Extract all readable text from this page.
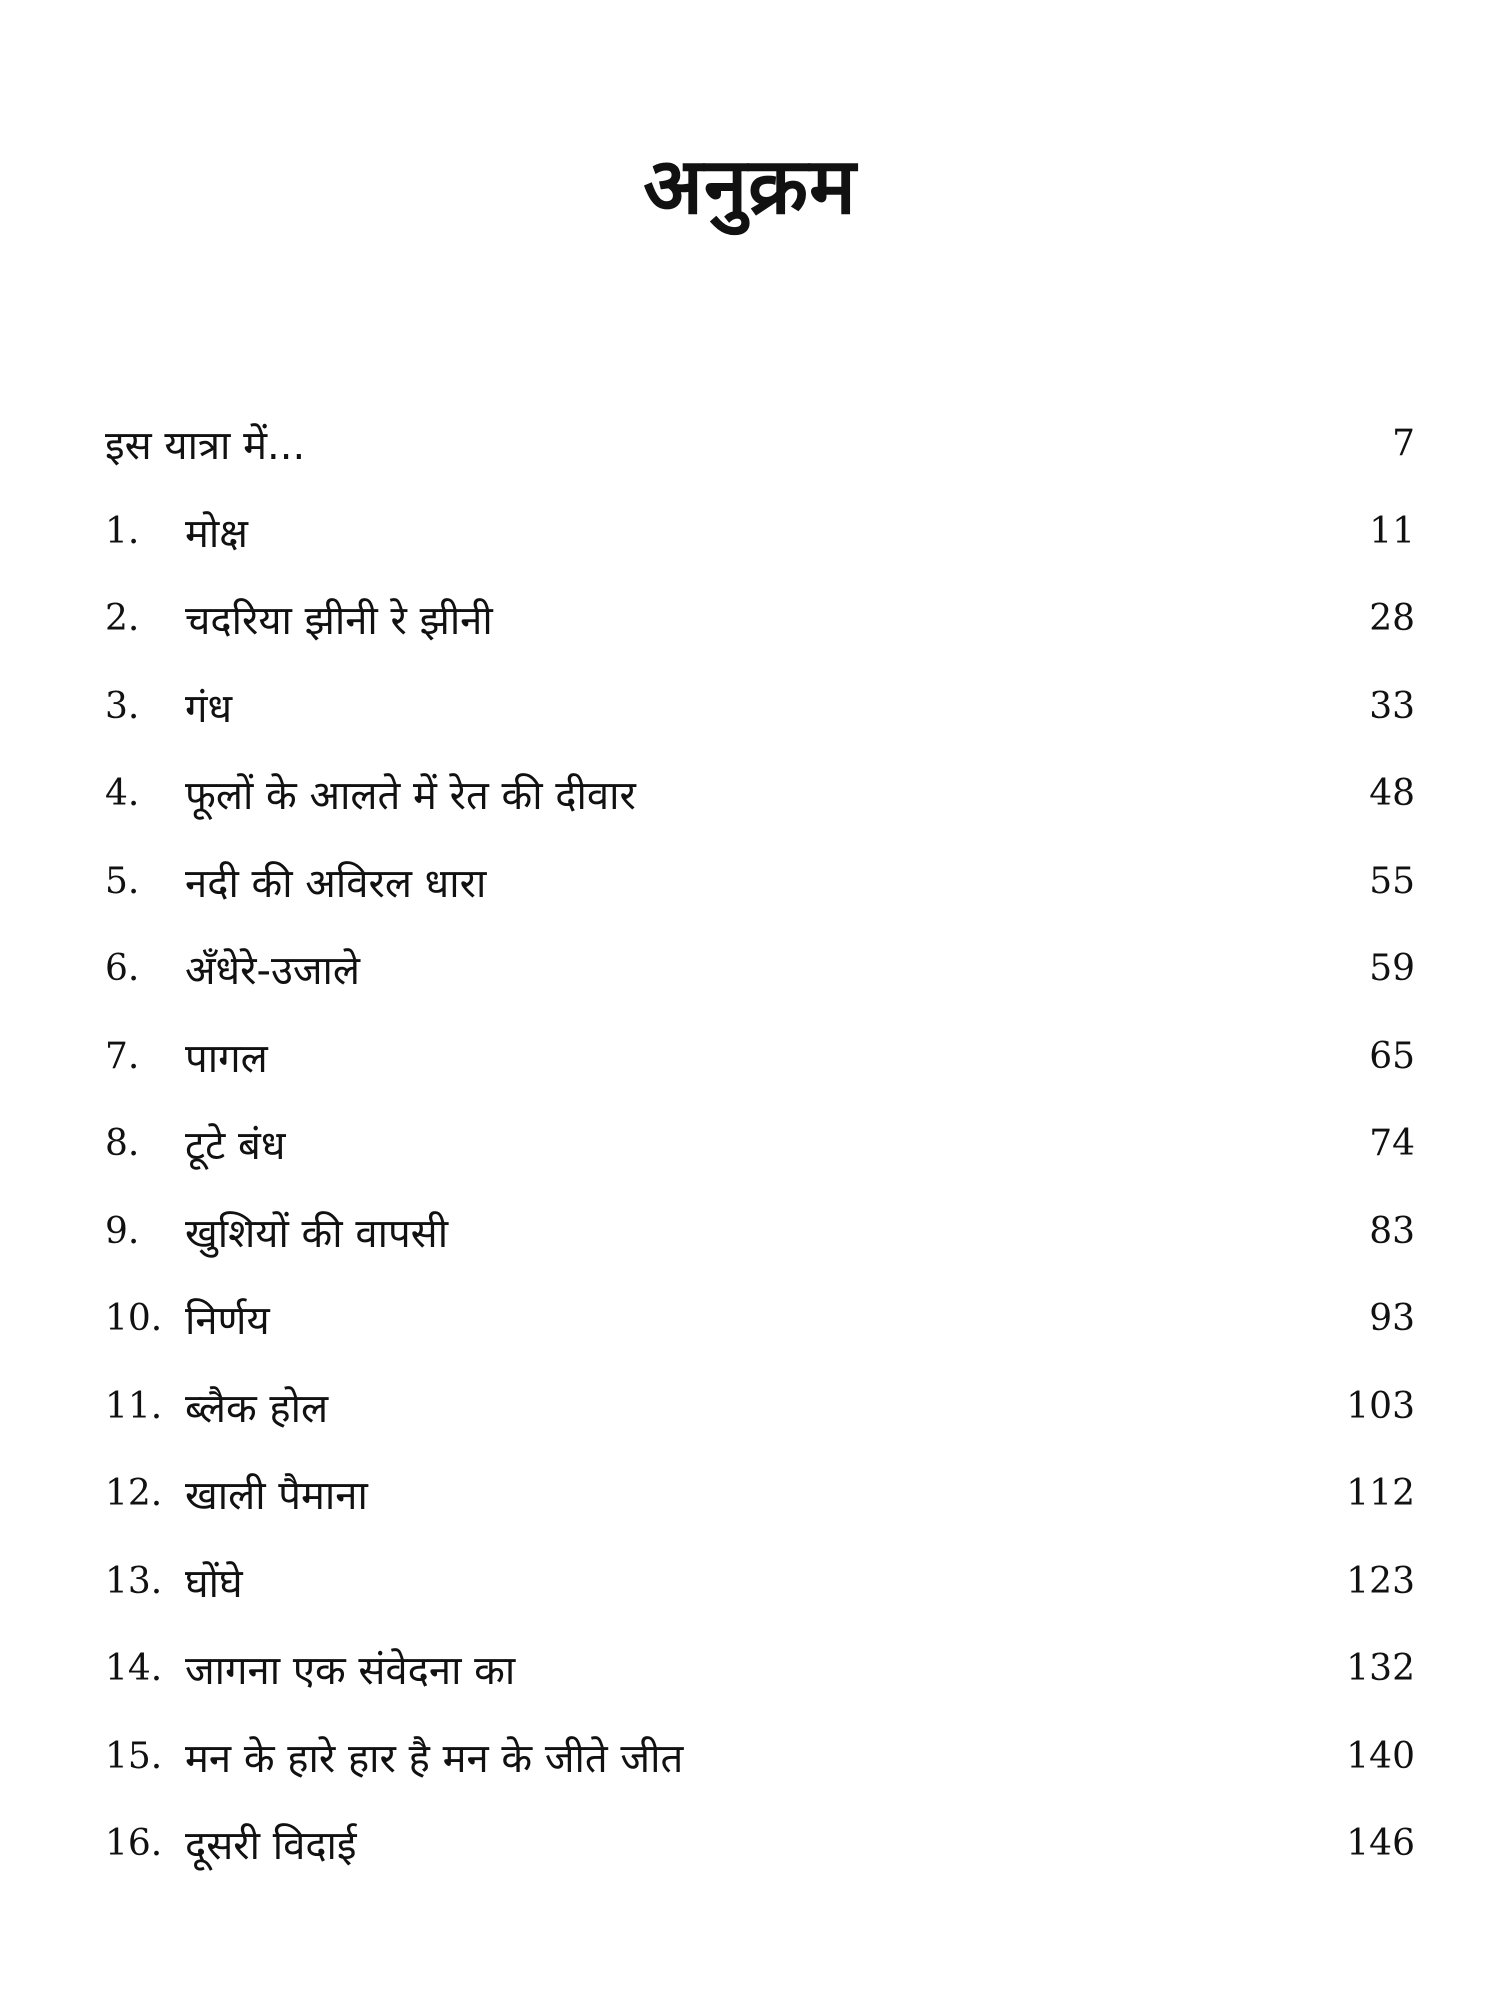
अनुक्रम
इस यात्रा में...	7
1.	मोक्ष	11
2.	चदरिया झीनी रे झीनी	28
3.	गंध	33
4.	फूलों के आलते में रेत की दीवार	48
5.	नदी की अविरल धारा	55
6.	अँधेरे-उजाले	59
7.	पागल	65
8.	टूटे बंध	74
9.	खुशियों की वापसी	83
10. निर्णय	93
11. ब्लैक होल	103
12. खाली पैमाना	112
13. घोंघे	123
14. जागना एक संवेदना का	132
15. मन के हारे हार है मन के जीते जीत	140
16. दूसरी विदाई	146
